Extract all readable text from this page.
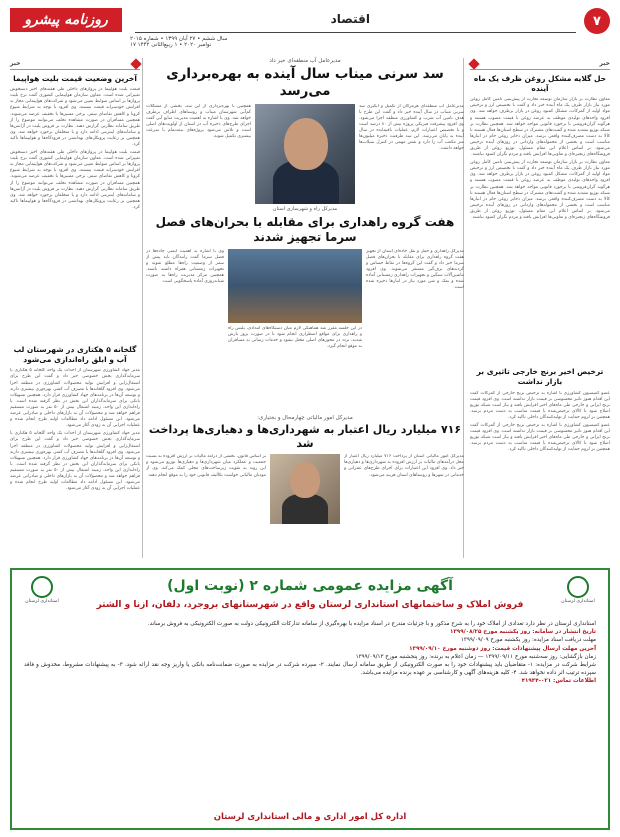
روزنامه پیشرو	۷
اقتصاد
سال ششم • ۲۷ آبان ۱۳۹۹ • شماره ۲۰۱۵
۱۷ نوامبر ۲۰۲۰ • ۱ ربیع‌الثانی ۱۴۴۲
خبر
حل گلایه مشکل روغن ظرف یک ماه آینده

معاون نظارت بر بازار سازمان توسعه تجارت از پیش‌بینی تامین کامل روغن مورد نیاز بازار ظرف یک ماه آینده خبر داد و گفت با تخصیص ارز و ترخیص مواد اولیه از گمرکات، مشکل کمبود روغن در بازار برطرف خواهد شد. وی افزود واحدهای تولیدی موظف به عرضه روغن با قیمت مصوب هستند و هرگونه گران‌فروشی با برخورد قانونی مواجه خواهد شد. همچنین نظارت بر شبکه توزیع تشدید شده و گشت‌های مشترک در سطح استان‌ها فعال هستند تا کالا به دست مصرف‌کننده واقعی برسد. میزان ذخایر روغن خام در انبارها مناسب است و بخشی از محموله‌های وارداتی در روزهای آینده ترخیص می‌شود. بر اساس اعلام این مقام مسئول، توزیع روغن از طریق فروشگاه‌های زنجیره‌ای و تعاونی‌ها افزایش یافته و مردم نگران کمبود نباشند.

معاون نظارت بر بازار سازمان توسعه تجارت از پیش‌بینی تامین کامل روغن مورد نیاز بازار ظرف یک ماه آینده خبر داد و گفت با تخصیص ارز و ترخیص مواد اولیه از گمرکات، مشکل کمبود روغن در بازار برطرف خواهد شد. وی افزود واحدهای تولیدی موظف به عرضه روغن با قیمت مصوب هستند و هرگونه گران‌فروشی با برخورد قانونی مواجه خواهد شد. همچنین نظارت بر شبکه توزیع تشدید شده و گشت‌های مشترک در سطح استان‌ها فعال هستند تا کالا به دست مصرف‌کننده واقعی برسد. میزان ذخایر روغن خام در انبارها مناسب است و بخشی از محموله‌های وارداتی در روزهای آینده ترخیص می‌شود. بر اساس اعلام این مقام مسئول، توزیع روغن از طریق فروشگاه‌های زنجیره‌ای و تعاونی‌ها افزایش یافته و مردم نگران کمبود نباشند.

ترخیص اخیر برنج خارجی تاثیری بر بازار نداشت

عضو کمیسیون کشاورزی با اشاره به ترخیص برنج خارجی از گمرکات گفت این اقدام هنوز تاثیر محسوسی بر قیمت بازار نداشته است. وی افزود قیمت برنج ایرانی و خارجی طی ماه‌های اخیر افزایش یافته و نیاز است شبکه توزیع اصلاح شود تا کالای ترخیص‌شده با قیمت مناسب به دست مردم برسد. همچنین بر لزوم حمایت از تولیدکنندگان داخلی تاکید کرد.

عضو کمیسیون کشاورزی با اشاره به ترخیص برنج خارجی از گمرکات گفت این اقدام هنوز تاثیر محسوسی بر قیمت بازار نداشته است. وی افزود قیمت برنج ایرانی و خارجی طی ماه‌های اخیر افزایش یافته و نیاز است شبکه توزیع اصلاح شود تا کالای ترخیص‌شده با قیمت مناسب به دست مردم برسد. همچنین بر لزوم حمایت از تولیدکنندگان داخلی تاکید کرد.

خبر
آخرین وضعیت قیمت بلیت هواپیما

قیمت بلیت هواپیما در پروازهای داخلی طی هفته‌های اخیر دستخوش تغییراتی شده است. معاون سازمان هواپیمایی کشوری گفت نرخ بلیت پروازها بر اساس ضوابط تعیین می‌شود و شرکت‌های هواپیمایی مجاز به افزایش خودسرانه قیمت نیستند. وی افزود با توجه به شرایط شیوع کرونا و کاهش تقاضای سفر، برخی مسیرها با تخفیف عرضه می‌شوند. همچنین مسافران در صورت مشاهده تخلف می‌توانند موضوع را از طریق سامانه نظارتی گزارش دهند. نظارت بر فروش بلیت در آژانس‌ها و سامانه‌های اینترنتی ادامه دارد و با متخلفان برخورد خواهد شد. وی همچنین بر رعایت پروتکل‌های بهداشتی در فرودگاه‌ها و هواپیماها تاکید کرد.

قیمت بلیت هواپیما در پروازهای داخلی طی هفته‌های اخیر دستخوش تغییراتی شده است. معاون سازمان هواپیمایی کشوری گفت نرخ بلیت پروازها بر اساس ضوابط تعیین می‌شود و شرکت‌های هواپیمایی مجاز به افزایش خودسرانه قیمت نیستند. وی افزود با توجه به شرایط شیوع کرونا و کاهش تقاضای سفر، برخی مسیرها با تخفیف عرضه می‌شوند. همچنین مسافران در صورت مشاهده تخلف می‌توانند موضوع را از طریق سامانه نظارتی گزارش دهند. نظارت بر فروش بلیت در آژانس‌ها و سامانه‌های اینترنتی ادامه دارد و با متخلفان برخورد خواهد شد. وی همچنین بر رعایت پروتکل‌های بهداشتی در فرودگاه‌ها و هواپیماها تاکید کرد.

گلخانه ۵ هکتاری در شهرستان لب آب و ابلق راه‌اندازی می‌شود

مدیر جهاد کشاورزی شهرستان از احداث یک واحد گلخانه ۵ هکتاری با سرمایه‌گذاری بخش خصوصی خبر داد و گفت این طرح برای اشتغال‌زایی و افزایش تولید محصولات کشاورزی در منطقه اجرا می‌شود. وی افزود گلخانه‌ها با مصرف آب کمتر، بهره‌وری بیشتری دارند و توسعه آن‌ها در برنامه‌های جهاد کشاورزی قرار دارد. همچنین تسهیلات بانکی برای سرمایه‌گذاران این بخش در نظر گرفته شده است. با راه‌اندازی این واحد، زمینه اشتغال بیش از ۵۰ نفر به صورت مستقیم فراهم خواهد شد و محصولات آن به بازارهای داخلی و صادراتی عرضه می‌شود. این مسئول ادامه داد مطالعات اولیه طرح انجام شده و عملیات اجرایی آن به زودی آغاز می‌شود.

مدیر جهاد کشاورزی شهرستان از احداث یک واحد گلخانه ۵ هکتاری با سرمایه‌گذاری بخش خصوصی خبر داد و گفت این طرح برای اشتغال‌زایی و افزایش تولید محصولات کشاورزی در منطقه اجرا می‌شود. وی افزود گلخانه‌ها با مصرف آب کمتر، بهره‌وری بیشتری دارند و توسعه آن‌ها در برنامه‌های جهاد کشاورزی قرار دارد. همچنین تسهیلات بانکی برای سرمایه‌گذاران این بخش در نظر گرفته شده است. با راه‌اندازی این واحد، زمینه اشتغال بیش از ۵۰ نفر به صورت مستقیم فراهم خواهد شد و محصولات آن به بازارهای داخلی و صادراتی عرضه می‌شود. این مسئول ادامه داد مطالعات اولیه طرح انجام شده و عملیات اجرایی آن به زودی آغاز می‌شود.

مدیرعامل آب منطقه‌ای خبر داد
سد سرنی میناب سال آینده به بهره‌برداری می‌رسد
مدیرعامل آب منطقه‌ای هرمزگان از تکمیل و آبگیری سد سرنی میناب در سال آینده خبر داد و گفت این طرح با هدف تامین آب شرب و کشاورزی منطقه اجرا می‌شود. وی افزود پیشرفت فیزیکی پروژه بیش از ۸۰ درصد است و با تخصیص اعتبارات لازم، عملیات باقیمانده در سال آینده به پایان می‌رسد. این سد ظرفیت ذخیره میلیون‌ها متر مکعب آب را دارد و نقش مهمی در کنترل سیلاب‌ها خواهد داشت.
همچنین با بهره‌برداری از این سد، بخشی از مشکلات کم‌آبی شهرستان میناب و روستاهای اطراف برطرف خواهد شد. وی با اشاره به اهمیت مدیریت منابع آبی گفت اجرای طرح‌های ذخیره آب در استان از اولویت‌های اصلی است و تلاش می‌شود پروژه‌های نیمه‌تمام با سرعت بیشتری تکمیل شوند.
مدیرکل راه و شهرسازی استان
هفت گروه راهداری برای مقابله با بحران‌های فصل سرما تجهیز شدند
مدیرکل راهداری و حمل و نقل جاده‌ای استان از تجهیز هفت گروه راهداری برای مقابله با بحران‌های فصل سرما خبر داد و گفت این گروه‌ها در نقاط حساس و گردنه‌های برف‌گیر مستقر می‌شوند. وی افزود ماشین‌آلات سنگین و تجهیزات راهداری زمستانی آماده شده و نمک و شن مورد نیاز در انبارها ذخیره شده است.
در این جلسه مقرر شد هماهنگی لازم میان دستگاه‌های امدادی، پلیس راه و راهداری برای مواقع اضطراری انجام شود تا در صورت بروز بارش شدید، تردد در محورهای اصلی مختل نشود و خدمات رسانی به مسافران به موقع انجام گیرد.
وی با اشاره به اهمیت ایمنی جاده‌ها در فصل سرما گفت رانندگان باید پیش از سفر از وضعیت راه‌ها مطلع شوند و تجهیزات زمستانی همراه داشته باشند. همچنین مرکز مدیریت راه‌ها به صورت شبانه‌روزی آماده پاسخگویی است.
مدیرکل امور مالیاتی چهارمحال و بختیاری:
۷۱۶ میلیارد ریال اعتبار به شهرداری‌ها و دهیاری‌ها پرداخت شد
مدیرکل امور مالیاتی استان از پرداخت ۷۱۶ میلیارد ریال اعتبار از محل درآمدهای مالیات بر ارزش افزوده به شهرداری‌ها و دهیاری‌ها خبر داد. وی افزود این اعتبارات برای اجرای طرح‌های عمرانی و خدماتی در شهرها و روستاهای استان هزینه می‌شود.
بر اساس قانون، بخشی از درآمد مالیات بر ارزش افزوده به نسبت جمعیت و عملکرد میان شهرداری‌ها و دهیاری‌ها توزیع می‌شود و این روند به تقویت زیرساخت‌های محلی کمک می‌کند. وی از مودیان مالیاتی خواست تکالیف قانونی خود را به موقع انجام دهند.
استانداری لرستان
استانداری لرستان
آگهی مزایده عمومی شماره ۲ (نوبت اول)
فروش املاک و ساختمانهای استانداری لرستان واقع در شهرستانهای بروجرد، دلفان، ازنا و الشتر
استانداری لرستان در نظر دارد تعدادی از املاک خود را به شرح مذکور و با جزئیات مندرج در اسناد مزایده با بهره‌گیری از سامانه تدارکات الکترونیکی دولت به صورت الکترونیکی به فروش برساند.
تاریخ انتشار در سامانه: روز یکشنبه مورخ ۱۳۹۹/۰۸/۲۵
مهلت دریافت اسناد مزایده: روز یکشنبه مورخ ۱۳۹۹/۰۹/۰۹
آخرین مهلت ارسال پیشنهادات قیمت: روز دوشنبه مورخ ۱۳۹۹/۰۹/۱۰
زمان بازگشایی: روز سه‌شنبه مورخ ۱۳۹۹/۰۹/۱۱ — زمان اعلام به برنده: روز پنجشنبه مورخ ۱۳۹۹/۰۹/۱۳
شرایط شرکت در مزایده: ۱- متقاضیان باید پیشنهادات خود را به صورت الکترونیکی از طریق سامانه ارسال نمایند. ۲- سپرده شرکت در مزایده به صورت ضمانت‌نامه بانکی یا واریز وجه نقد ارائه شود. ۳- به پیشنهادات مشروط، مخدوش و فاقد سپرده ترتیب اثر داده نخواهد شد. ۴- کلیه هزینه‌های آگهی و کارشناسی بر عهده برنده مزایده می‌باشد.
اطلاعات تماس: ۰۲۱-۴۱۹۳۴
اداره کل امور اداری و مالی استانداری لرستان
